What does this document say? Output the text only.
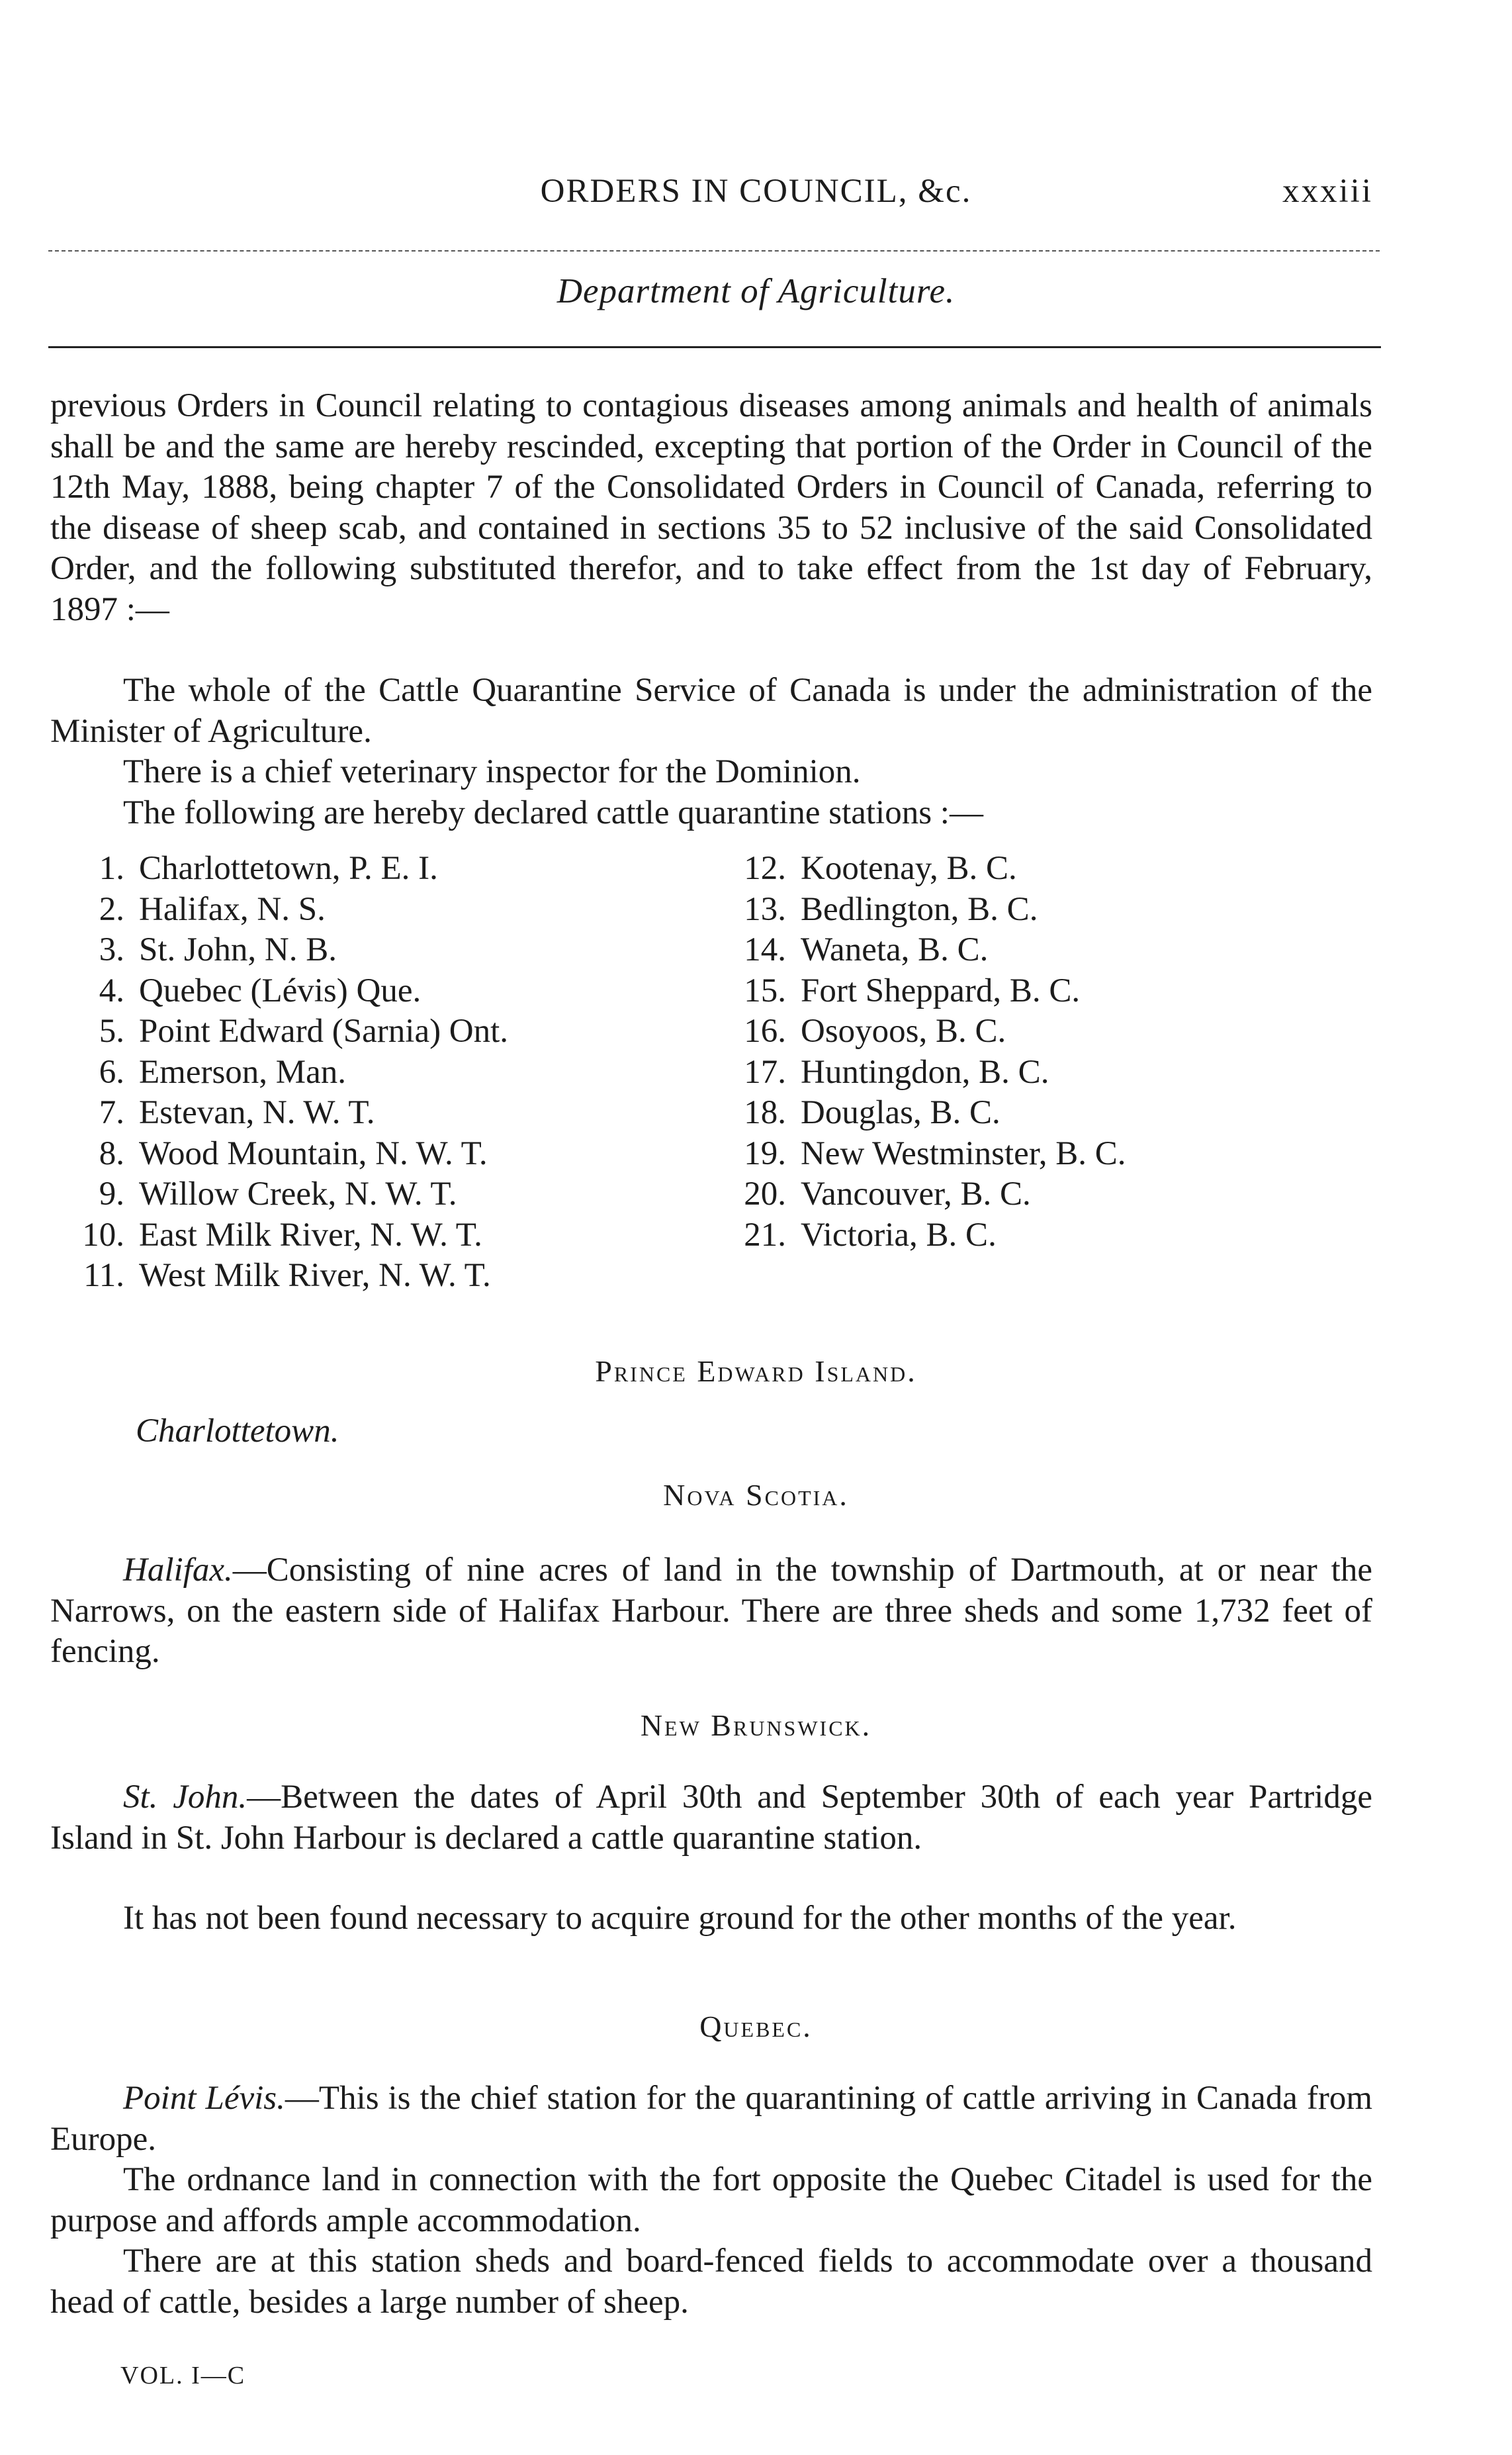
ORDERS IN COUNCIL, &c.	xxxiii
Department of Agriculture.

previous Orders in Council relating to contagious diseases among animals and health of animals shall be and the same are hereby rescinded, excepting that portion of the Order in Council of the 12th May, 1888, being chapter 7 of the Consolidated Orders in Council of Canada, referring to the disease of sheep scab, and contained in sections 35 to 52 inclusive of the said Consolidated Order, and the following substituted therefor, and to take effect from the 1st day of February, 1897 :—

The whole of the Cattle Quarantine Service of Canada is under the administration of the Minister of Agriculture.

There is a chief veterinary inspector for the Dominion.

The following are hereby declared cattle quarantine stations :—

1. Charlottetown, P. E. I.
2. Halifax, N. S.
3. St. John, N. B.
4. Quebec (Lévis) Que.
5. Point Edward (Sarnia) Ont.
6. Emerson, Man.
7. Estevan, N. W. T.
8. Wood Mountain, N. W. T.
9. Willow Creek, N. W. T.
10. East Milk River, N. W. T.
11. West Milk River, N. W. T.
12. Kootenay, B. C.
13. Bedlington, B. C.
14. Waneta, B. C.
15. Fort Sheppard, B. C.
16. Osoyoos, B. C.
17. Huntingdon, B. C.
18. Douglas, B. C.
19. New Westminster, B. C.
20. Vancouver, B. C.
21. Victoria, B. C.
Prince Edward Island.
Charlottetown.
Nova Scotia.

Halifax.—Consisting of nine acres of land in the township of Dartmouth, at or near the Narrows, on the eastern side of Halifax Harbour. There are three sheds and some 1,732 feet of fencing.

New Brunswick.

St. John.—Between the dates of April 30th and September 30th of each year Partridge Island in St. John Harbour is declared a cattle quarantine station.

It has not been found necessary to acquire ground for the other months of the year.

Quebec.

Point Lévis.—This is the chief station for the quarantining of cattle arriving in Canada from Europe.

The ordnance land in connection with the fort opposite the Quebec Citadel is used for the purpose and affords ample accommodation.

There are at this station sheds and board-fenced fields to accommodate over a thousand head of cattle, besides a large number of sheep.

VOL. I—C
